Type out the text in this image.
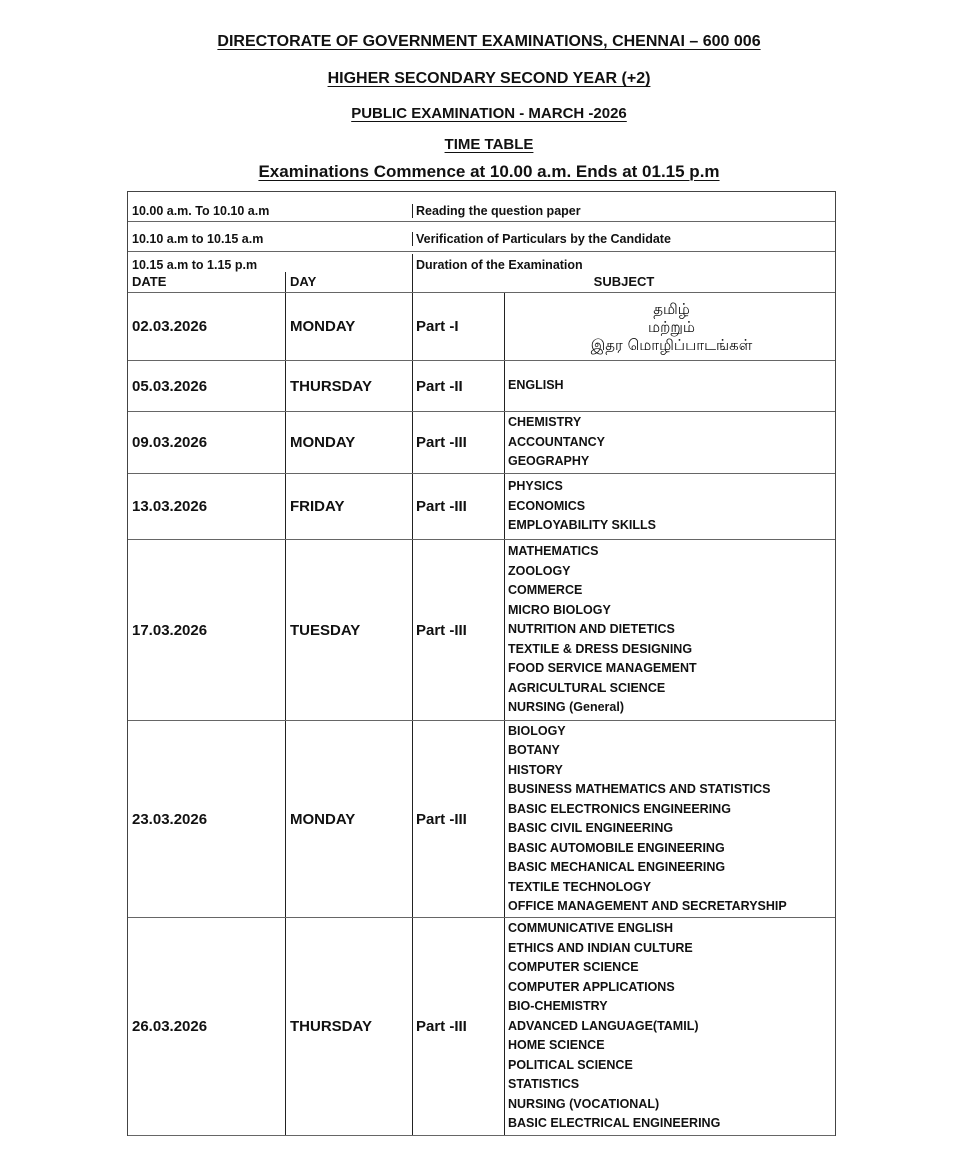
DIRECTORATE OF GOVERNMENT EXAMINATIONS, CHENNAI – 600 006
HIGHER SECONDARY SECOND YEAR (+2)
PUBLIC EXAMINATION - MARCH -2026
TIME TABLE
Examinations Commence at 10.00 a.m. Ends at 01.15 p.m
10.00 a.m. To 10.10 a.m	Reading the question paper
10.10 a.m to 10.15 a.m	Verification of Particulars by the Candidate
10.15 a.m to 1.15 p.m	Duration of the Examination
DATE	DAY	SUBJECT
02.03.2026	MONDAY	Part -I
தமிழ்
மற்றும்
இதர மொழிப்பாடங்கள்
05.03.2026	THURSDAY	Part -II	ENGLISH
09.03.2026	MONDAY	Part -III
CHEMISTRY
ACCOUNTANCY
GEOGRAPHY
13.03.2026	FRIDAY	Part -III
PHYSICS
ECONOMICS
EMPLOYABILITY SKILLS
17.03.2026	TUESDAY	Part -III
MATHEMATICS
ZOOLOGY
COMMERCE
MICRO BIOLOGY
NUTRITION AND DIETETICS
TEXTILE & DRESS DESIGNING
FOOD SERVICE MANAGEMENT
AGRICULTURAL SCIENCE
NURSING (General)
23.03.2026	MONDAY	Part -III
BIOLOGY
BOTANY
HISTORY
BUSINESS MATHEMATICS AND STATISTICS
BASIC ELECTRONICS ENGINEERING
BASIC CIVIL ENGINEERING
BASIC AUTOMOBILE ENGINEERING
BASIC MECHANICAL ENGINEERING
TEXTILE TECHNOLOGY
OFFICE MANAGEMENT AND SECRETARYSHIP
26.03.2026	THURSDAY	Part -III
COMMUNICATIVE ENGLISH
ETHICS AND INDIAN CULTURE
COMPUTER SCIENCE
COMPUTER APPLICATIONS
BIO-CHEMISTRY
ADVANCED LANGUAGE(TAMIL)
HOME SCIENCE
POLITICAL SCIENCE
STATISTICS
NURSING (VOCATIONAL)
BASIC ELECTRICAL ENGINEERING
